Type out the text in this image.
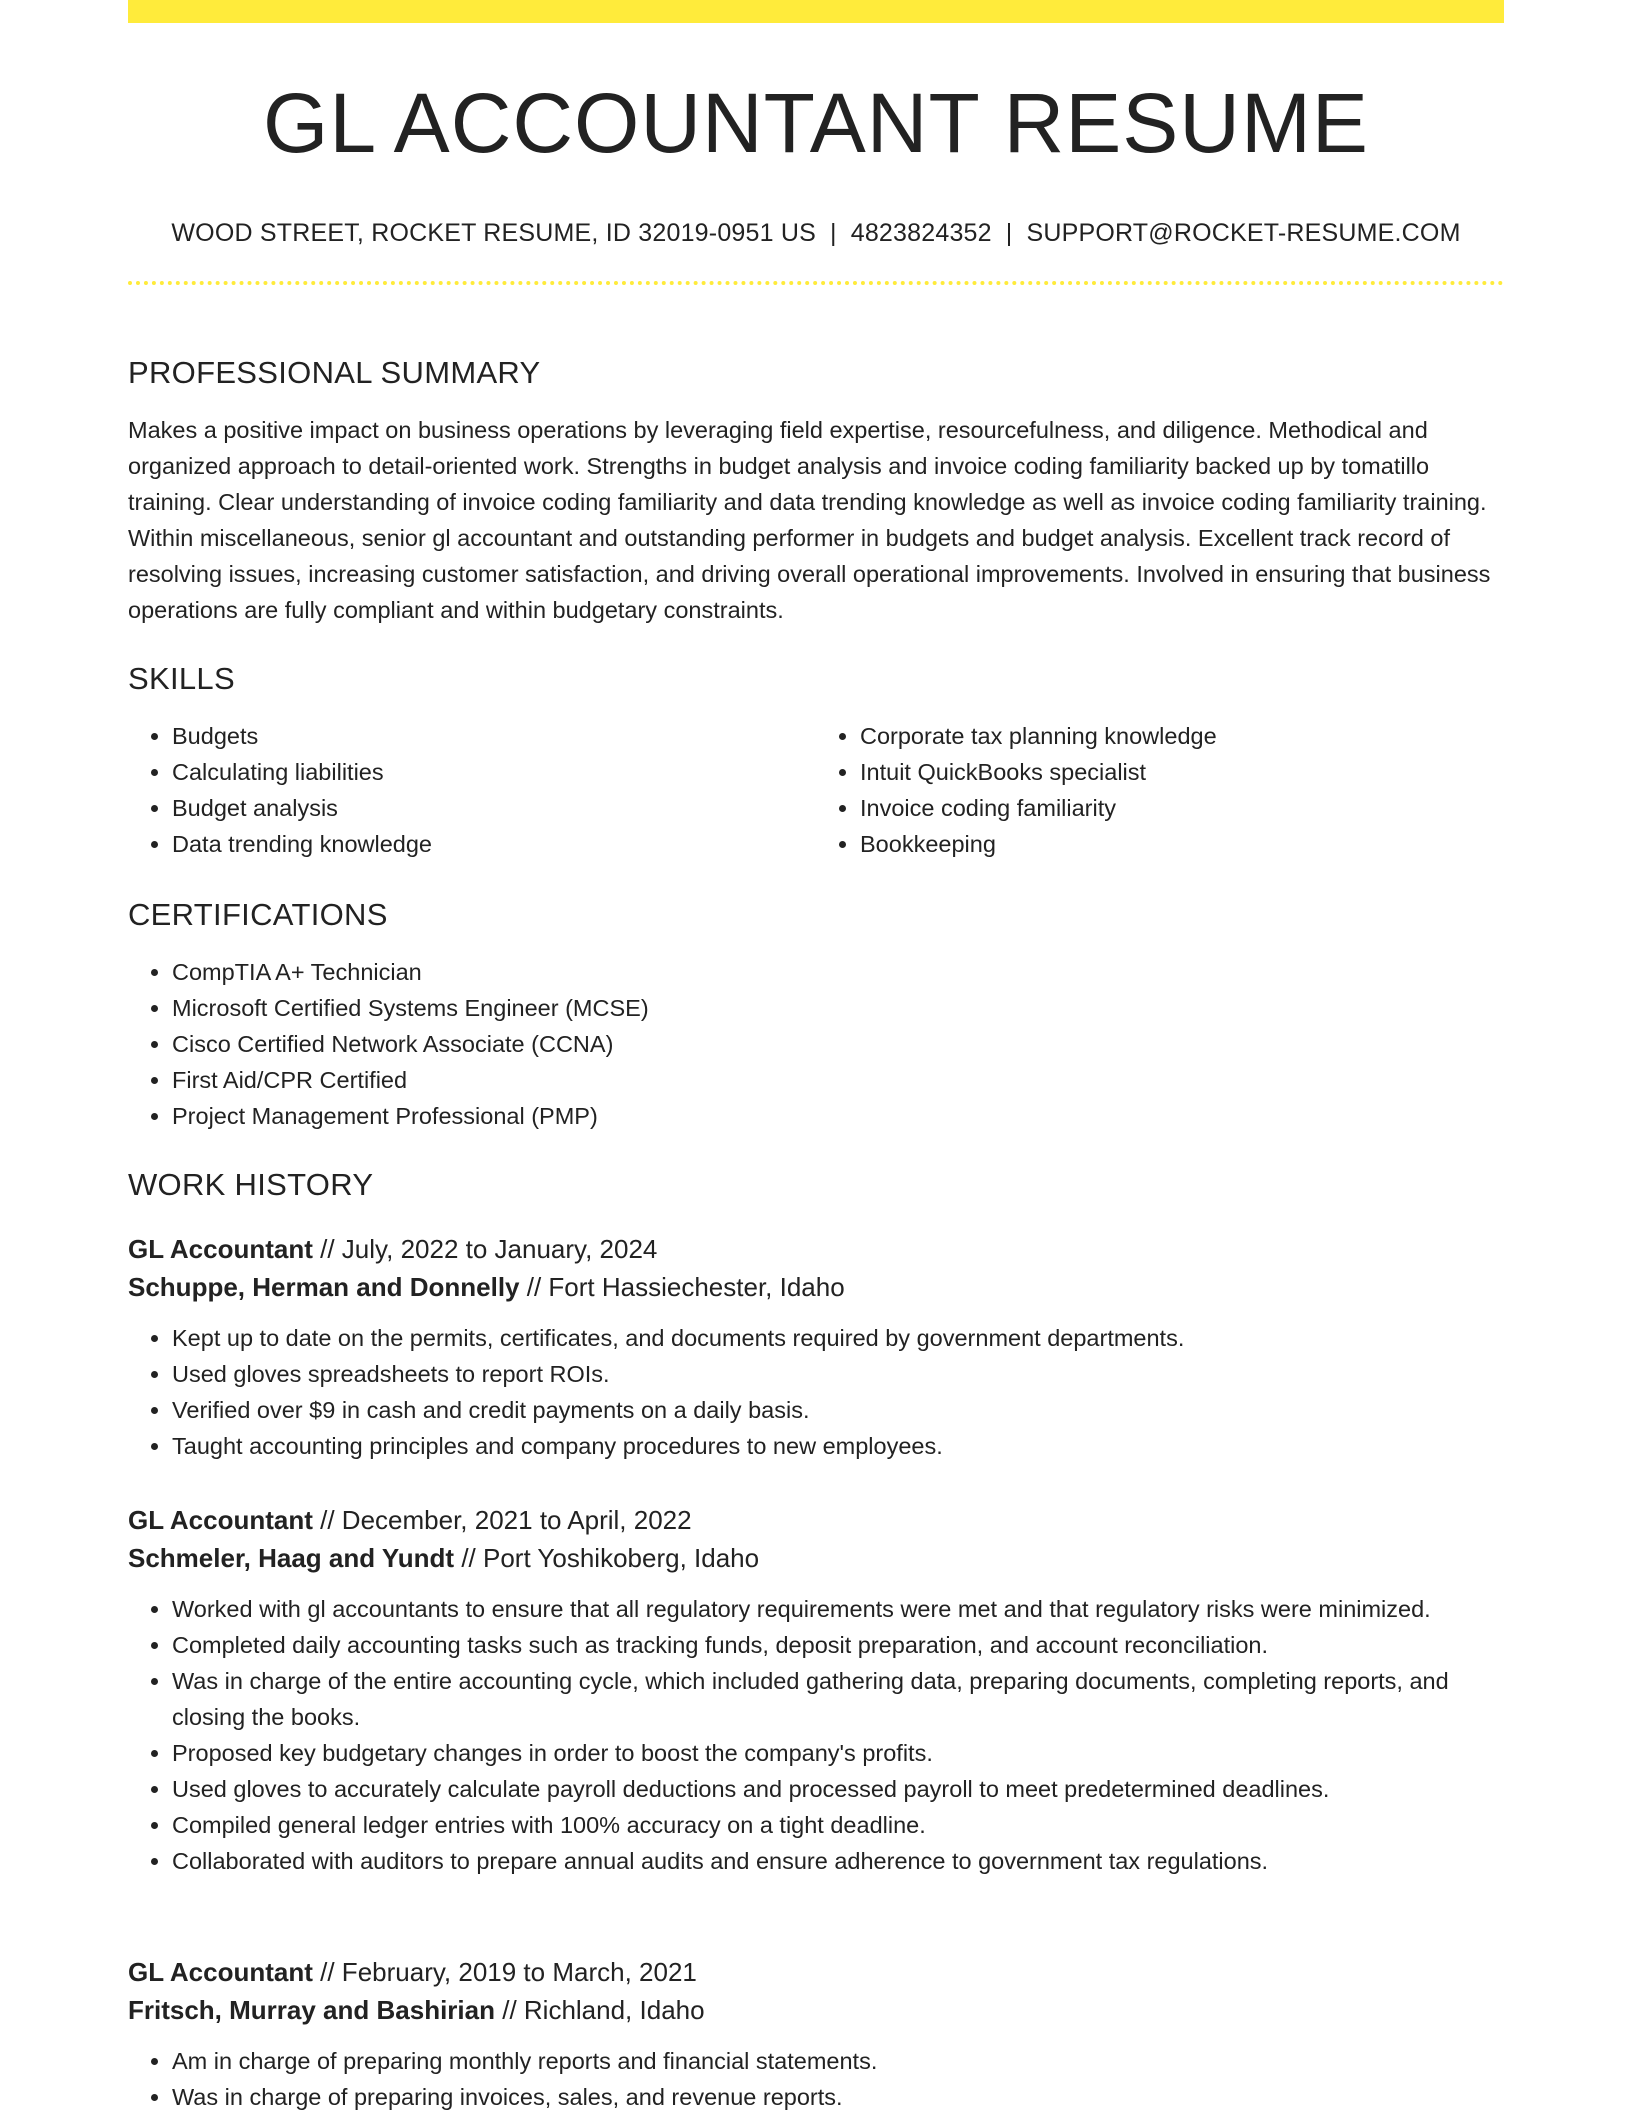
GL ACCOUNTANT RESUME
WOOD STREET, ROCKET RESUME, ID 32019-0951 US | 4823824352 | SUPPORT@ROCKET-RESUME.COM
PROFESSIONAL SUMMARY
Makes a positive impact on business operations by leveraging field expertise, resourcefulness, and diligence. Methodical and organized approach to detail-oriented work. Strengths in budget analysis and invoice coding familiarity backed up by tomatillo training. Clear understanding of invoice coding familiarity and data trending knowledge as well as invoice coding familiarity training. Within miscellaneous, senior gl accountant and outstanding performer in budgets and budget analysis. Excellent track record of resolving issues, increasing customer satisfaction, and driving overall operational improvements. Involved in ensuring that business operations are fully compliant and within budgetary constraints.
SKILLS
• Budgets
• Calculating liabilities
• Budget analysis
• Data trending knowledge
• Corporate tax planning knowledge
• Intuit QuickBooks specialist
• Invoice coding familiarity
• Bookkeeping
CERTIFICATIONS
• CompTIA A+ Technician
• Microsoft Certified Systems Engineer (MCSE)
• Cisco Certified Network Associate (CCNA)
• First Aid/CPR Certified
• Project Management Professional (PMP)
WORK HISTORY
GL Accountant // July, 2022 to January, 2024
Schuppe, Herman and Donnelly // Fort Hassiechester, Idaho
• Kept up to date on the permits, certificates, and documents required by government departments.
• Used gloves spreadsheets to report ROIs.
• Verified over $9 in cash and credit payments on a daily basis.
• Taught accounting principles and company procedures to new employees.
GL Accountant // December, 2021 to April, 2022
Schmeler, Haag and Yundt // Port Yoshikoberg, Idaho
• Worked with gl accountants to ensure that all regulatory requirements were met and that regulatory risks were minimized.
• Completed daily accounting tasks such as tracking funds, deposit preparation, and account reconciliation.
• Was in charge of the entire accounting cycle, which included gathering data, preparing documents, completing reports, and closing the books.
• Proposed key budgetary changes in order to boost the company's profits.
• Used gloves to accurately calculate payroll deductions and processed payroll to meet predetermined deadlines.
• Compiled general ledger entries with 100% accuracy on a tight deadline.
• Collaborated with auditors to prepare annual audits and ensure adherence to government tax regulations.
GL Accountant // February, 2019 to March, 2021
Fritsch, Murray and Bashirian // Richland, Idaho
• Am in charge of preparing monthly reports and financial statements.
• Was in charge of preparing invoices, sales, and revenue reports.
